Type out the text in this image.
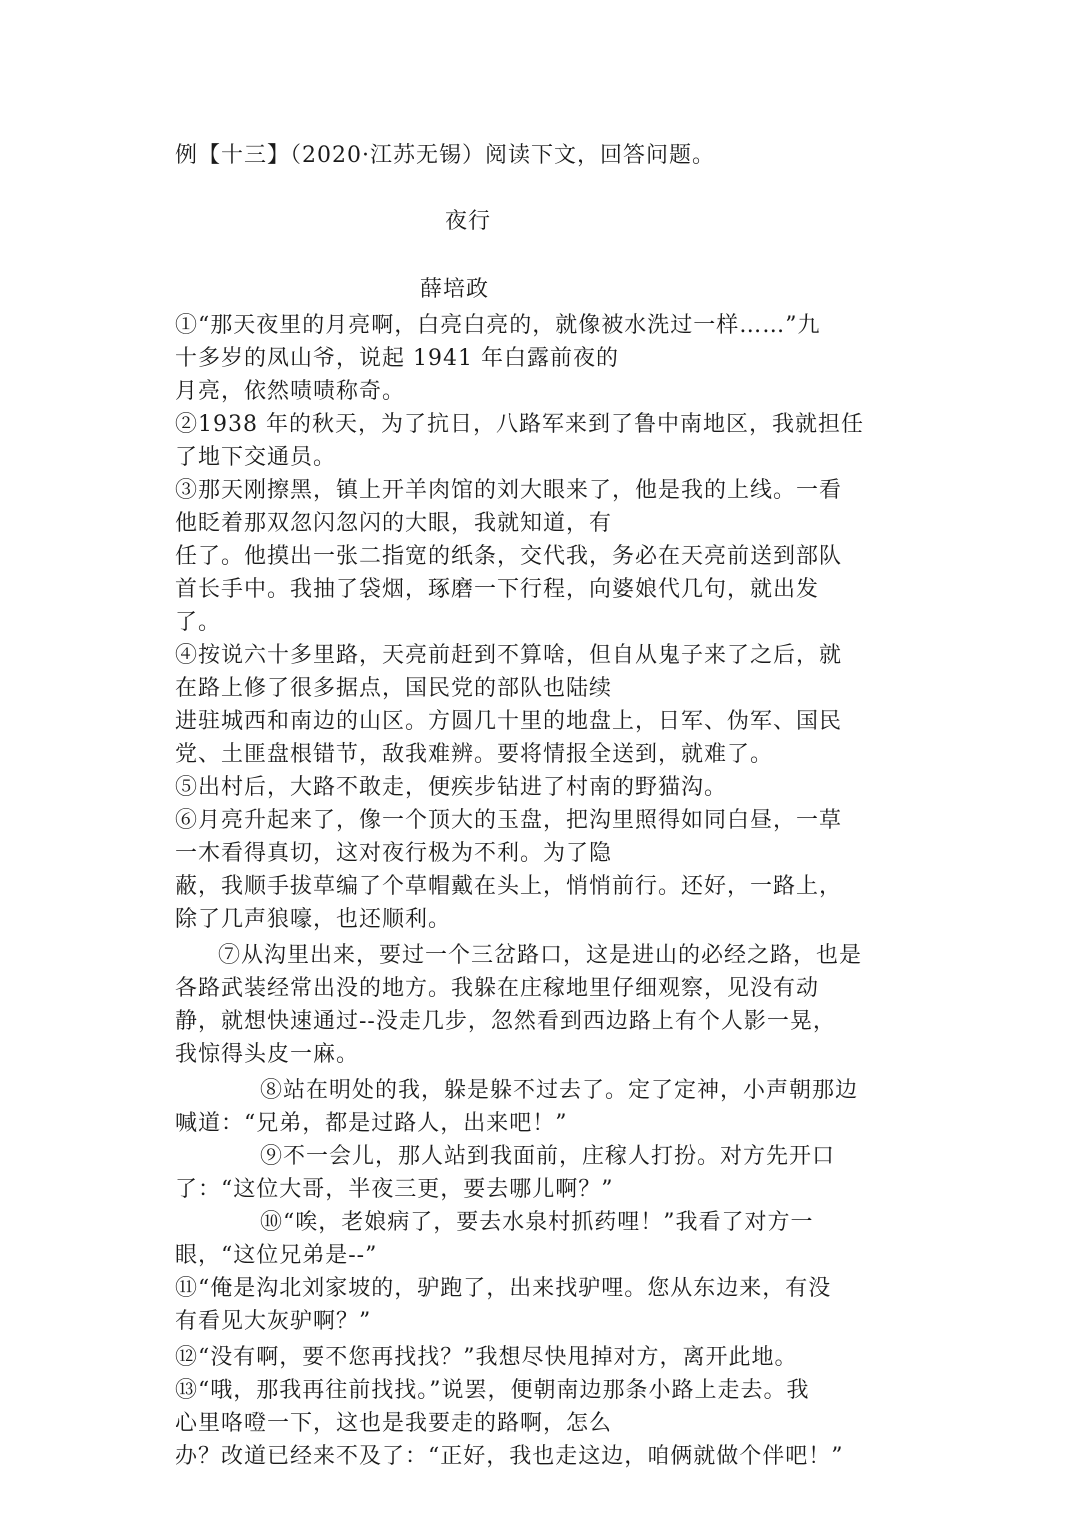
例【十三】（2020·江苏无锡）阅读下文，回答问题。
夜行
薛培政
①“那天夜里的月亮啊，白亮白亮的，就像被水洗过一样……”九
十多岁的凤山爷，说起 1941 年白露前夜的
月亮，依然啧啧称奇。
②1938 年的秋天，为了抗日，八路军来到了鲁中南地区，我就担任
了地下交通员。
③那天刚擦黑，镇上开羊肉馆的刘大眼来了，他是我的上线。一看
他眨着那双忽闪忽闪的大眼，我就知道，有
任了。他摸出一张二指宽的纸条，交代我，务必在天亮前送到部队
首长手中。我抽了袋烟，琢磨一下行程，向婆娘代几句，就出发
了。
④按说六十多里路，天亮前赶到不算啥，但自从鬼子来了之后，就
在路上修了很多据点，国民党的部队也陆续
进驻城西和南边的山区。方圆几十里的地盘上，日军、伪军、国民
党、土匪盘根错节，敌我难辨。要将情报全送到，就难了。
⑤出村后，大路不敢走，便疾步钻进了村南的野猫沟。
⑥月亮升起来了，像一个顶大的玉盘，把沟里照得如同白昼，一草
一木看得真切，这对夜行极为不利。为了隐
蔽，我顺手拔草编了个草帽戴在头上，悄悄前行。还好，一路上，
除了几声狼嚎，也还顺利。
⑦从沟里出来，要过一个三岔路口，这是进山的必经之路，也是
各路武装经常出没的地方。我躲在庄稼地里仔细观察，见没有动
静，就想快速通过--没走几步，忽然看到西边路上有个人影一晃，
我惊得头皮一麻。
⑧站在明处的我，躲是躲不过去了。定了定神，小声朝那边
喊道：“兄弟，都是过路人，出来吧！”
⑨不一会儿，那人站到我面前，庄稼人打扮。对方先开口
了：“这位大哥，半夜三更，要去哪儿啊？”
⑩“唉，老娘病了，要去水泉村抓药哩！”我看了对方一
眼，“这位兄弟是--”
⑪“俺是沟北刘家坡的，驴跑了，出来找驴哩。您从东边来，有没
有看见大灰驴啊？”
⑫“没有啊，要不您再找找？”我想尽快甩掉对方，离开此地。
⑬“哦，那我再往前找找。”说罢，便朝南边那条小路上走去。我
心里咯噔一下，这也是我要走的路啊，怎么
办？改道已经来不及了：“正好，我也走这边，咱俩就做个伴吧！”
